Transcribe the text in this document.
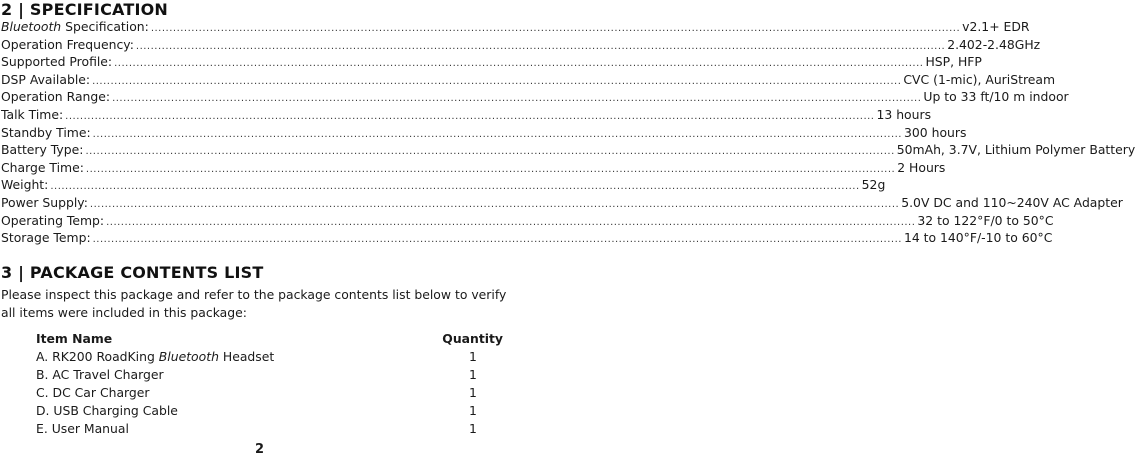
2 | SPECIFICATION
Bluetooth Specification: ............................................................................................................................................................................................................................ v2.1+ EDR
Operation Frequency: ............................................................................................................................................................................................................................ 2.402-2.48GHz
Supported Profile: ............................................................................................................................................................................................................................ HSP, HFP
DSP Available: ............................................................................................................................................................................................................................ CVC (1-mic), AuriStream
Operation Range: ............................................................................................................................................................................................................................ Up to 33 ft/10 m indoor
Talk Time: ............................................................................................................................................................................................................................ 13 hours
Standby Time: ............................................................................................................................................................................................................................ 300 hours
Battery Type: ............................................................................................................................................................................................................................ 50mAh, 3.7V, Lithium Polymer Battery
Charge Time: ............................................................................................................................................................................................................................ 2 Hours
Weight: ............................................................................................................................................................................................................................ 52g
Power Supply: ............................................................................................................................................................................................................................ 5.0V DC and 110~240V AC Adapter
Operating Temp: ............................................................................................................................................................................................................................ 32 to 122°F/0 to 50°C
Storage Temp: ............................................................................................................................................................................................................................ 14 to 140°F/-10 to 60°C
3 | PACKAGE CONTENTS LIST

Please inspect this package and refer to the package contents list below to verify all items were included in this package:

Item Name	Quantity
A. RK200 RoadKing Bluetooth Headset	1
B. AC Travel Charger	1
C. DC Car Charger	1
D. USB Charging Cable	1
E. User Manual	1
2
